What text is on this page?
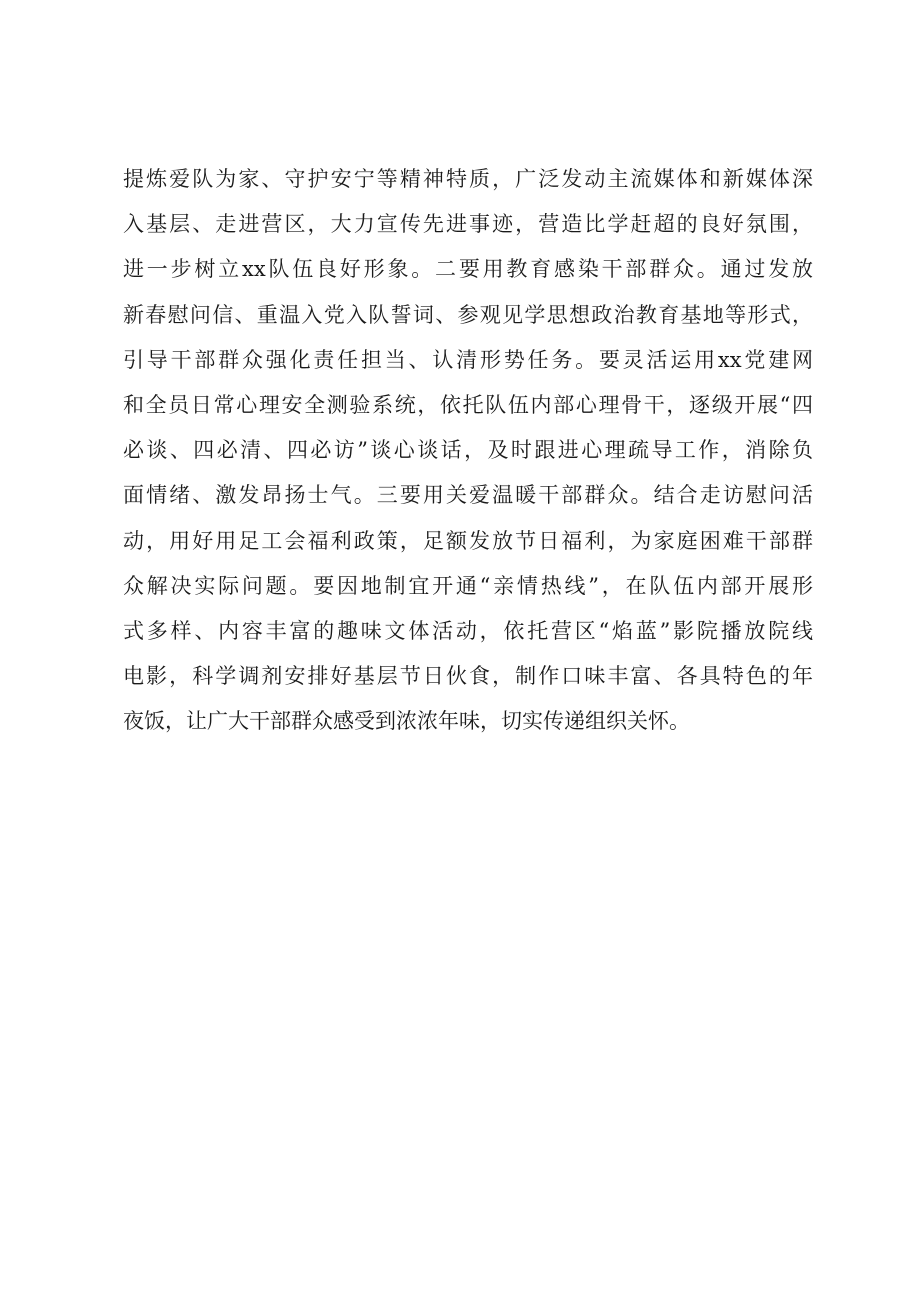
提炼爱队为家、守护安宁等精神特质，广泛发动主流媒体和新媒体深
入基层、走进营区，大力宣传先进事迹，营造比学赶超的良好氛围，
进一步树立xx队伍良好形象。二要用教育感染干部群众。通过发放
新春慰问信、重温入党入队誓词、参观见学思想政治教育基地等形式，
引导干部群众强化责任担当、认清形势任务。要灵活运用xx党建网
和全员日常心理安全测验系统，依托队伍内部心理骨干，逐级开展“四
必谈、四必清、四必访”谈心谈话，及时跟进心理疏导工作，消除负
面情绪、激发昂扬士气。三要用关爱温暖干部群众。结合走访慰问活
动，用好用足工会福利政策，足额发放节日福利，为家庭困难干部群
众解决实际问题。要因地制宜开通“亲情热线”，在队伍内部开展形
式多样、内容丰富的趣味文体活动，依托营区“焰蓝”影院播放院线
电影，科学调剂安排好基层节日伙食，制作口味丰富、各具特色的年
夜饭，让广大干部群众感受到浓浓年味，切实传递组织关怀。
